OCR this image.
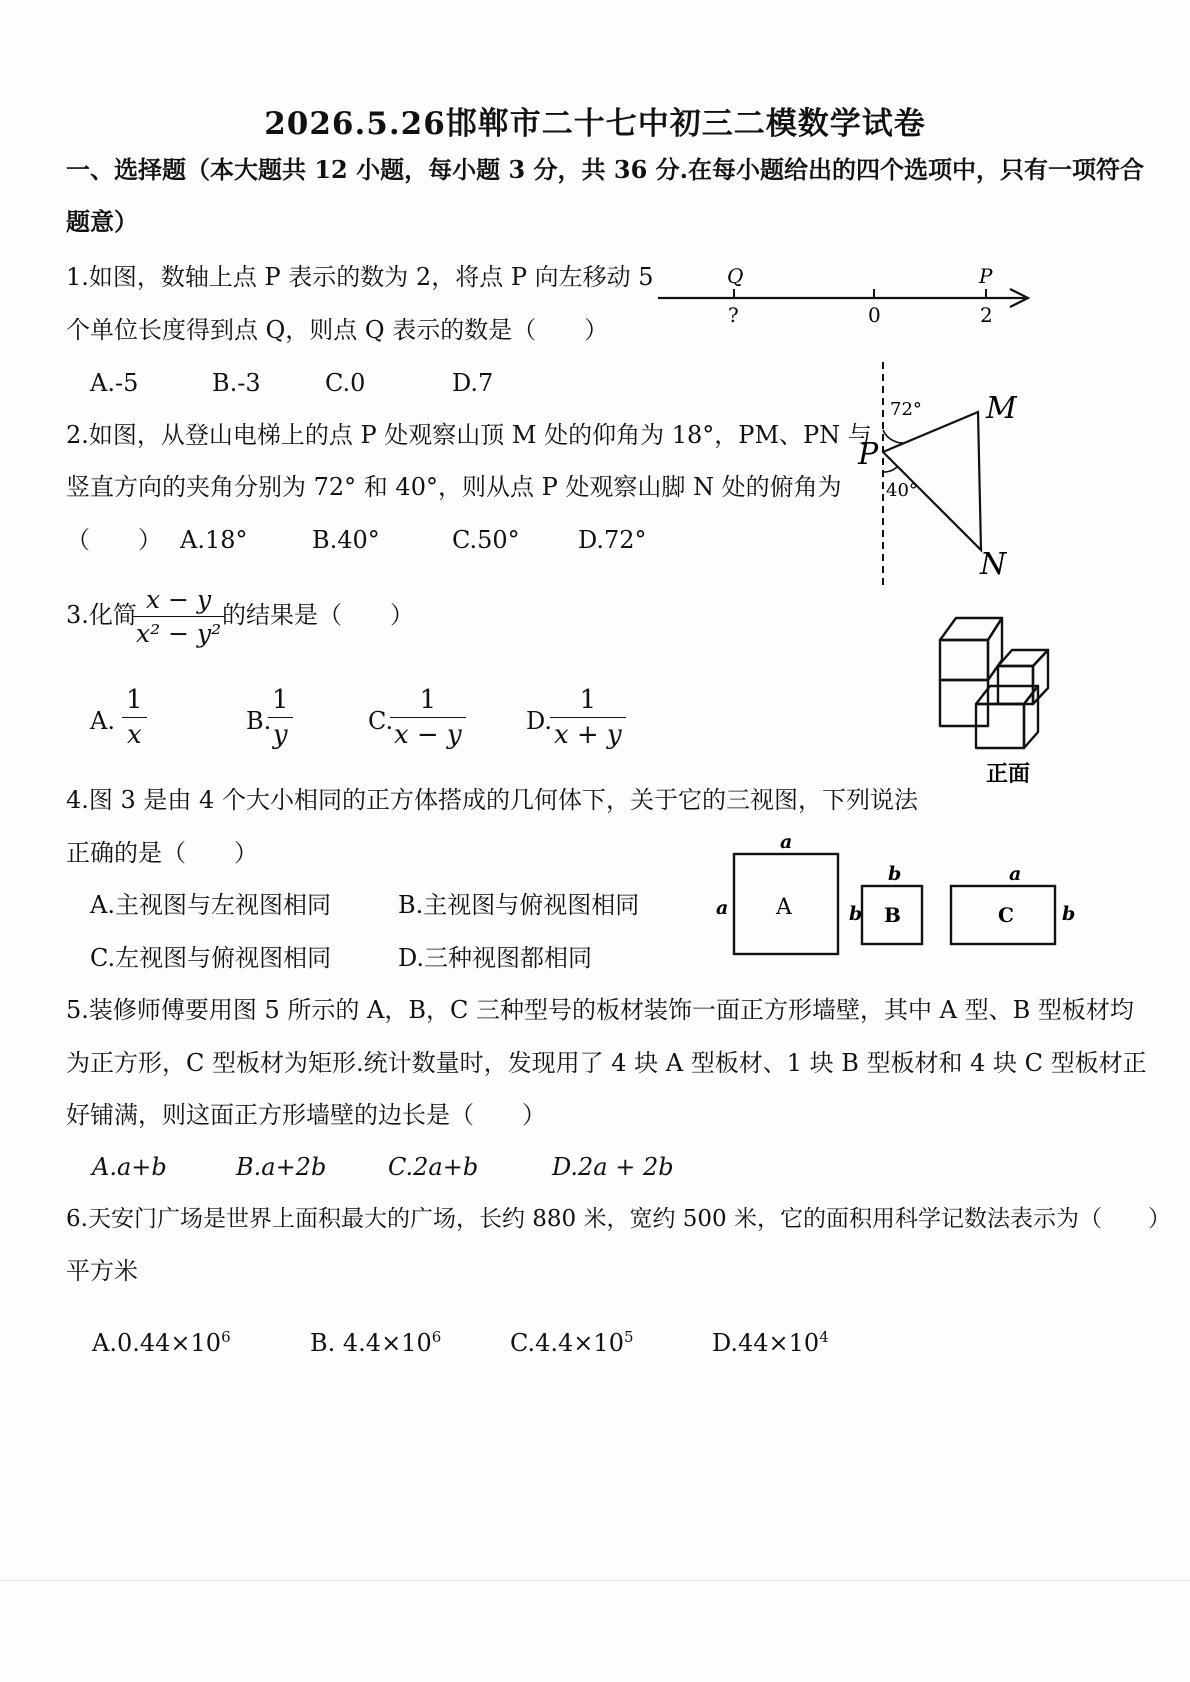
2026.5.26邯郸市二十七中初三二模数学试卷
一、选择题（本大题共 12 小题，每小题 3 分，共 36 分.在每小题给出的四个选项中，只有一项符合
题意）
1.如图，数轴上点 P 表示的数为 2，将点 P 向左移动 5
个单位长度得到点 Q，则点 Q 表示的数是（　　）
A.-5	B.-3	C.0	D.7
Q	P
?	0	2
2.如图，从登山电梯上的点 P 处观察山顶 M 处的仰角为 18°，PM、PN 与
竖直方向的夹角分别为 72° 和 40°，则从点 P 处观察山脚 N 处的俯角为
（　　） A.18°	B.40°	C.50° D.72°
72°
40°
P
M
N
3.化简
x − y
x² − y²
的结果是（　　）
A.
1
x	B.
1
y	C.
1
x − y	D.
1
x + y
正面
4.图 3 是由 4 个大小相同的正方体搭成的几何体下，关于它的三视图，下列说法
正确的是（　　）
A.主视图与左视图相同	B.主视图与俯视图相同
C.左视图与俯视图相同	D.三种视图都相同
a
a A
b
b B
a
b
C
5.装修师傅要用图 5 所示的 A，B，C 三种型号的板材装饰一面正方形墙壁，其中 A 型、B 型板材均
为正方形，C 型板材为矩形.统计数量时，发现用了 4 块 A 型板材、1 块 B 型板材和 4 块 C 型板材正
好铺满，则这面正方形墙壁的边长是（　　）
A.a+b	B.a+2b	C.2a+b	D.2a + 2b
6.天安门广场是世界上面积最大的广场，长约 880 米，宽约 500 米，它的面积用科学记数法表示为（　　）
平方米
$A.0.44\times 10^6$	B. $4.4\times 10^6$	$C.4.4\times 10^5$	$D.44\times 10^4$
